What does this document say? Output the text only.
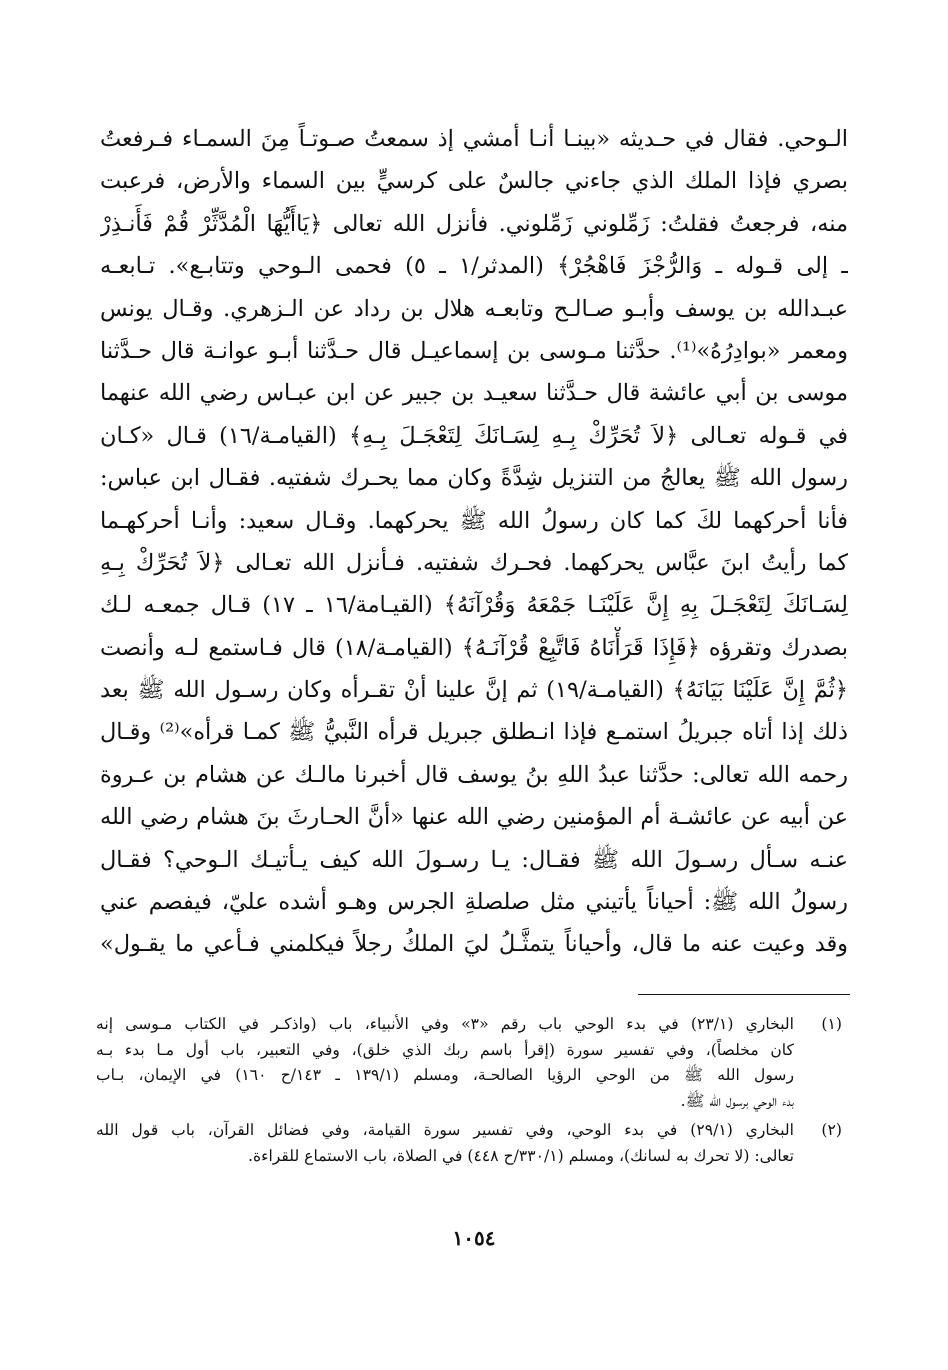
الـوحي. فقال في حـديثه «بينـا أنـا أمشي إذ سمعتُ صـوتـاً مِنَ السمـاء فـرفعتُ
بصري فإذا الملك الذي جاءني جالسٌ على كرسيٍّ بين السماء والأرض، فرعبت
منه، فرجعتُ فقلتُ: زَمِّلوني زَمِّلوني. فأنزل الله تعالى ﴿يَاأَيُّهَا الْمُدَّثِّرْ قُمْ فَأَنـذِرْ
ـ إلى قـوله ـ وَالرُّجْزَ فَاهْجُرْ﴾ (المدثر/١ ـ ٥) فحمى الـوحي وتتابـع». تـابعـه
عبـدالله بن يوسف وأبـو صـالـح وتابعـه هلال بن رداد عن الـزهري. وقـال يونس
ومعمر «بوادِرُهُ»⁽¹⁾. حدَّثنا مـوسى بن إسماعيـل قال حـدَّثنا أبـو عوانـة قال حـدَّثنا
موسى بن أبي عائشة قال حـدَّثنا سعيـد بن جبير عن ابن عبـاس رضي الله عنهما
في قـوله تعـالى ﴿لاَ تُحَرِّكْ بِـهِ لِسَـانَكَ لِتَعْجَـلَ بِـهِ﴾ (القيامـة/١٦) قـال «كـان
رسول الله ﷺ يعالجُ من التنزيل شِدَّةً وكان مما يحـرك شفتيه. فقـال ابن عباس:
فأنا أحركهما لكَ كما كان رسولُ الله ﷺ يحركهما. وقـال سعيد: وأنـا أحركهـما
كما رأيتُ ابنَ عبَّاس يحركهما. فحـرك شفتيه. فـأنزل الله تعـالى ﴿لاَ تُحَرِّكْ بِـهِ
لِسَـانَكَ لِتَعْجَـلَ بِهِ إِنَّ عَلَيْنَـا جَمْعَهُ وَقُرْآنَهُ﴾ (القيـامة/١٦ ـ ١٧) قـال جمعـه لـك
بصدرك وتقرؤه ﴿فَإِذَا قَرَأْنَاهُ فَاتَّبِعْ قُرْآنَـهُ﴾ (القيامـة/١٨) قال فـاستمع لـه وأنصت
﴿ثُمَّ إِنَّ عَلَيْنَا بَيَانَهُ﴾ (القيامـة/١٩) ثم إنَّ علينا أنْ تقـرأه وكان رسـول الله ﷺ بعد
ذلك إذا أتاه جبريلُ استمـع فإذا انـطلق جبريل قرأه النَّبيُّ ﷺ كمـا قرأه»⁽²⁾ وقـال
رحمه الله تعالى: حدَّثنا عبدُ اللهِ بنُ يوسف قال أخبرنا مالـك عن هشام بن عـروة
عن أبيه عن عائشـة أم المؤمنين رضي الله عنها «أنَّ الحـارثَ بنَ هشام رضي الله
عنـه سـأل رسـولَ الله ﷺ فقـال: يـا رسـولَ الله كيف يـأتيـك الـوحي؟ فقـال
رسولُ الله ﷺ: أحياناً يأتيني مثل صلصلةِ الجرس وهـو أشده عليّ، فيفصم عني
وقد وعيت عنه ما قال، وأحياناً يتمثَّـلُ ليَ الملكُ رجلاً فيكلمني فـأعي ما يقـول»
(١)
البخاري (٢٣/١) في بدء الوحي باب رقم «٣» وفي الأنبياء، باب (واذكـر في الكتاب مـوسى إنه
كان مخلصاً)، وفي تفسير سورة (إقرأ باسم ربك الذي خلق)، وفي التعبير، باب أول مـا بدء بـه
رسول الله ﷺ من الوحي الرؤيا الصالحـة، ومسلم (١٣٩/١ ـ ١٤٣/ح ١٦٠) في الإيمان، بـاب
بدء الوحي برسول الله ﷺ.
(٢)
البخاري (٢٩/١) في بدء الوحي، وفي تفسير سورة القيامة، وفي فضائل القرآن، باب قول الله
تعالى: (لا تحرك به لسانك)، ومسلم (٣٣٠/١/ح ٤٤٨) في الصلاة، باب الاستماع للقراءة.
١٠٥٤
